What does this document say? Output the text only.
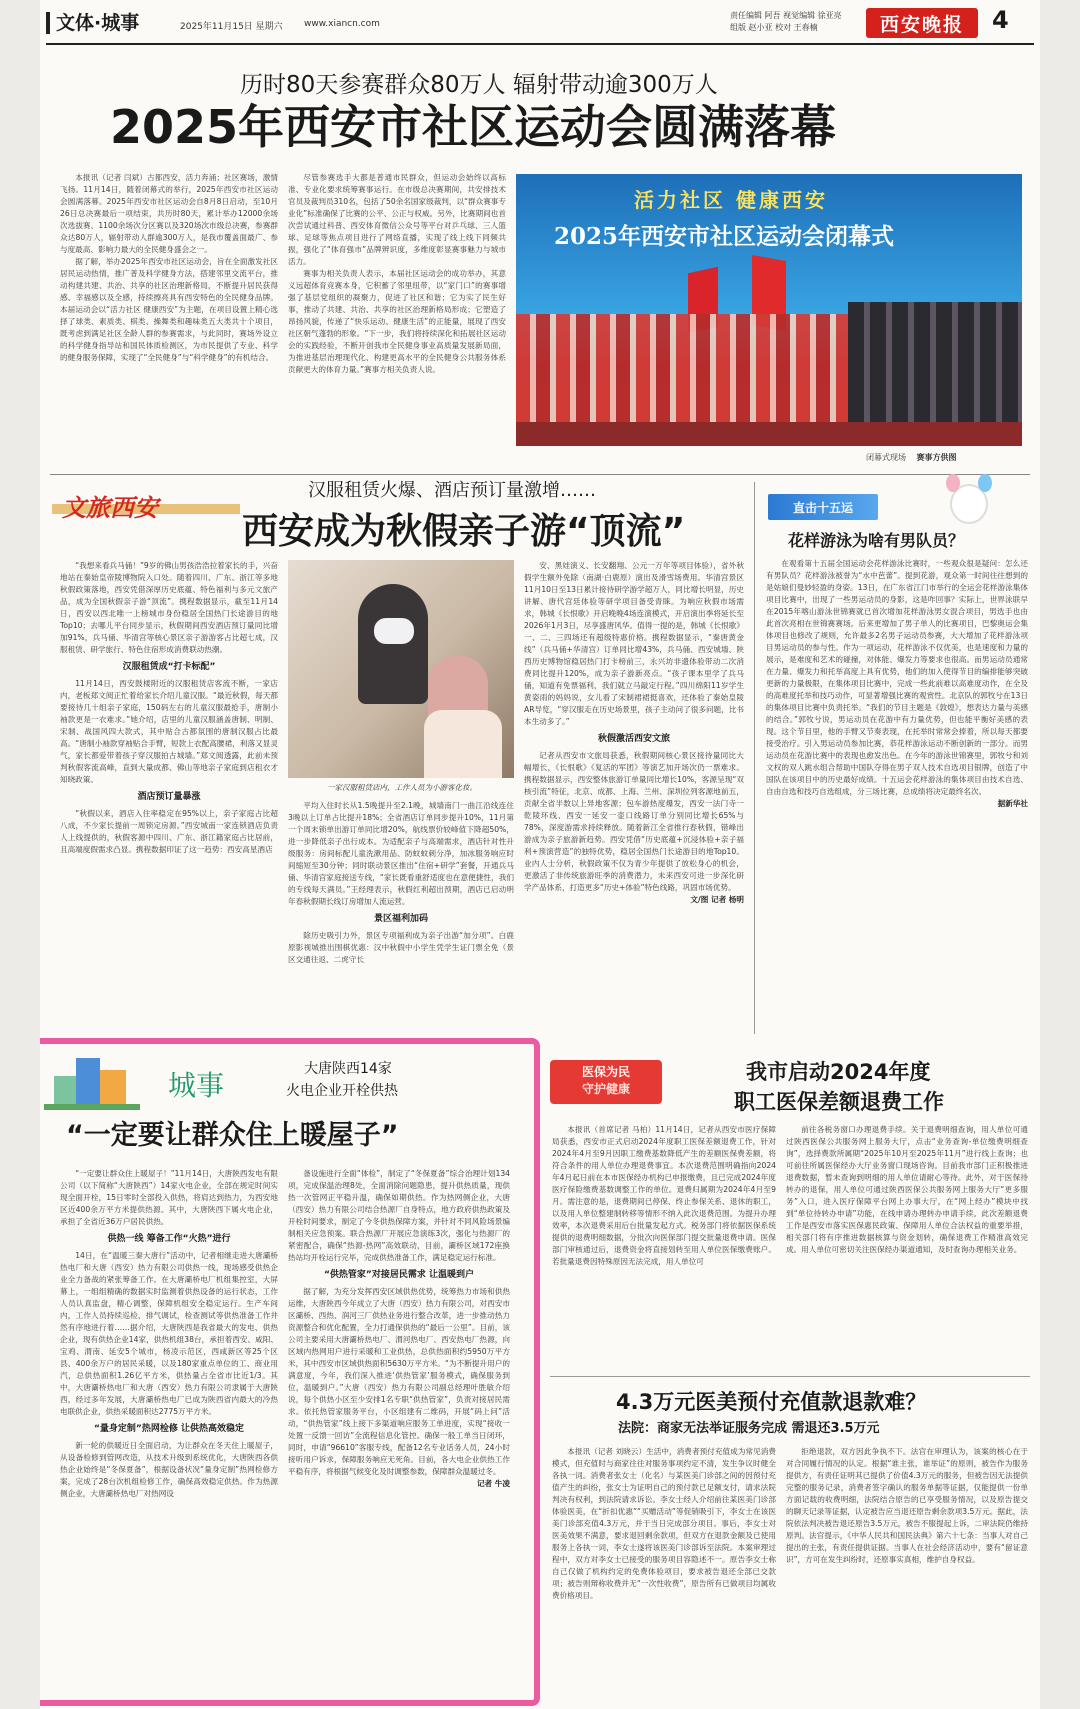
文体·城事	2025年11月15日 星期六 www.xiancn.com
责任编辑 阿吾 视觉编辑 徐亚亮
组版 赵小亚 校对 王春楠	西安晚报 4
历时80天参赛群众80万人 辐射带动逾300万人
2025年西安市社区运动会圆满落幕

本报讯（记者 闫斌）古都西安，活力奔涌；社区赛场，激情飞扬。11月14日，随着闭幕式的举行，2025年西安市社区运动会圆满落幕。2025年西安市社区运动会自8月8日启动，至10月26日总决赛最后一项结束，共历时80天，累计举办12000余场次选拔赛、1100余场次分区赛以及320场次市级总决赛，参赛群众达80万人，辐射带动人群逾300万人，是我市覆盖面最广、参与度最高、影响力最大的全民健身盛会之一。

据了解，举办2025年西安市社区运动会，旨在全面激发社区居民运动热情，推广普及科学健身方法，搭建邻里交流平台，推动构建共建、共治、共享的社区治理新格局，不断提升居民获得感、幸福感以及全感，持续擦亮具有西安特色的全民健身品牌。本届运动会以“活力社区 健康西安”为主题，在项目设置上精心选择了球类、素质类、棋类、操舞类和趣味类五大类共十个项目，既考虑到满足社区全龄人群的参赛需求，与此同时，赛场外设立的科学健身指导站和国民体质检测区，为市民提供了专业、科学的健身服务保障，实现了“全民健身”与“科学健身”的有机结合。

尽管参赛选手大都是普通市民群众，但运动会始终以高标准、专业化要求统筹赛事运行。在市级总决赛期间，共安排技术官员及裁判员310名，包括了50余名国家级裁判，以“群众赛事专业化”标准确保了比赛的公平、公正与权威。另外，比赛期间也首次尝试通过科普、西安体育微信公众号等平台对乒乓球、三人篮球、足球等焦点项目进行了网络直播，实现了线上线下同频共振，强化了“体育强市”品牌辨识度，多维度彰显赛事魅力与城市活力。

赛事为相关负责人表示，本届社区运动会的成功举办，其意义远超体育竞赛本身，它积蓄了邻里纽带，以“家门口”的赛事增强了基层党组织的凝聚力，促进了社区和谐；它为实了民生好事，推动了共建、共治、共享的社区治理新格局形成；它塑造了昂扬风貌，传递了“快乐运动、健康生活”的正能量，展现了西安社区朝气蓬勃的形象。“下一步，我们将持续深化和拓展社区运动会的实践经验，不断开创我市全民健身事业高质量发展新局面，为推进基层治理现代化、构建更高水平的全民健身公共服务体系贡献更大的体育力量。”赛事方相关负责人说。

活力社区 健康西安
2025年西安市社区运动会闭幕式
闭幕式现场 赛事方供图
文旅西安
汉服租赁火爆、酒店预订量激增……
西安成为秋假亲子游“顶流”

“我想来看兵马俑！”9岁的佛山男孩浩浩拉着家长的手，兴奋地站在秦始皇帝陵博物院入口处。随着四川、广东、浙江等多地秋假政策落地，西安凭借深厚历史底蕴、特色福利与多元文旅产品，成为全国秋假亲子游“顶流”。携程数据显示，截至11月14日，西安以西北唯一上榜城市身份稳居全国热门长途游目的地Top10；去哪儿平台同步显示，秋假期间西安酒店预订量同比增加91%，兵马俑、华清宫等核心景区亲子游游客占比超七成，汉服租赁、研学旅行、特色住宿形成消费联动热潮。

汉服租赁成“打卡标配”

11月14日，西安鼓楼附近的汉服租赁店客流不断，一家店内，老板郑文阅正忙着给家长介绍儿童汉服。“最近秋假，每天都要接待几十组亲子家庭，150码左右的儿童汉服最抢手，唐制小袖款更是一衣难求。”她介绍，店里的儿童汉服涵盖唐制、明制、宋制、战国风四大款式，其中贴合古都氛围的唐制汉服占比最高。“唐制小袖款穿袖贴合手臂，短款上衣配高腰裙，利落又显灵气，家长都爱带着孩子穿汉服拍古城墙。”郑文阅透露，此前未预判秋假客流高峰，直到大量成都、佛山等地亲子家庭到店租衣才知晓政策。

酒店预订量暴涨

“秋假以来，酒店入住率稳定在95%以上，亲子家庭占比超八成，不少家长提前一周锁定房源。”西安城南一家连锁酒店负责人上线提供的，秋假客源中四川、广东、浙江籍家庭占比居前，且高端度假需求凸显。携程数据印证了这一趋势：西安高星酒店

一家汉服租赁店内，工作人员为小游客化妆。

平均入住时长从1.5晚提升至2.1晚，城墙南门一曲江沿线连住3晚以上订单占比提升18%；全省酒店订单同步提升10%，11月第一个周末锁单出游订单同比增20%，航线票价较峰值下降超50%，进一步降低亲子出行成本。为适配亲子与高端需求，酒店针对性升级服务：房间标配儿童洗漱用品、防蚊蚊刺分净，加冰服务响应时间缩短至30分钟；同时联动景区推出“住宿+研学”套餐，开通兵马俑、华清宫家庭接送专线，“家长既看重舒适度也在意便捷性，我们的专线每天满员。”王经理表示，秋假红利超出预期，酒店已启动明年春秋假期长线订房增加人流运营。

景区福利加码

除历史吸引力外，景区专项福利成为亲子出游“加分项”。白鹿原影视城推出围棋优惠：汉中秋假中小学生凭学生证门票全免（景区交通往返、二虎守长

安、黑娃演义、长安翻翔、公元一万年等项目体验），省外秋假学生额外免除（南湖·白鹿原）演出及滑雪场费用。华清宫景区11月10日至13日累计接待研学游学超万人，同比增长明显，历史讲解、唐代宫廷体验等研学项目备受青睐。为响应秋假市场需求，韩城《长恨歌》开启晚晚4场连演模式，开启演出季将延长至2026年1月3日，尽享盛唐风华。值得一提的是，韩城《长恨歌》一、二、三四场还有超级特惠价格。携程数据显示，“秦唐黄金线”（兵马俑+华清宫）订单同比增43%，兵马俑、西安城墙、陕西历史博物馆稳居热门打卡榜前三，永兴坊非遗体验带动二次消费同比提升120%，成为亲子游新亮点。“孩子课本里学了兵马俑，知道有免票福利，我们就立马敲定行程。”四川绵阳11岁学生黄姿雨的妈妈说，女儿看了宋制裙裙挺喜欢，还体验了秦始皇陵AR导览，“穿汉服走在历史场景里，孩子主动问了很多问题，比书本生动多了。”

秋假激活西安文旅

记者从西安市文旅局获悉，秋假期间核心景区接待量同比大幅增长，《长恨歌》《复活的军团》等演艺加开场次仍一票难求。携程数据显示，西安整体旅游订单量同比增长10%，客源呈现“双核引流”特征，北京、成都、上海、兰州、深圳位列客源地前五，贡献全省半数以上异地客源；包车游热度爆发，西安一法门寺一乾陵环线、西安一延安一壶口线路订单分别同比增长65%与78%，深度游需求持续释放。随着新江全省推行春秋假，错峰出游成为亲子旅游新趋势。西安凭借“历史底蕴+沉浸体验+亲子福利+预演营造”的独特优势，稳居全国热门长途游目的地Top10。业内人士分析，秋假政策不仅为青少年提供了放松身心的机会，更激活了非传统旅游旺季的消费潜力，未来西安可进一步深化研学产品体系，打造更多“历史+体验”特色线路，巩固市场优势。

文/图 记者 杨明
直击十五运
花样游泳为啥有男队员？

在观看第十五届全国运动会花样游泳比赛时，一些观众很是疑问：怎么还有男队员？花样游泳被誉为“水中芭蕾”。提到花游，观众第一时间往往想到的是姑娘们曼妙轻盈的身姿。13日，在广东省江门市举行的全运会花样游泳集体项目比赛中，出现了一些男运动员的身影，这是咋回事？实际上，世界泳联早在2015年喀山游泳世锦赛就已首次增加花样游泳男女混合项目，男选手也由此首次亮相在世锦赛赛场。后来更增加了男子单人的比赛项目，巴黎奥运会集体项目也修改了规则，允许最多2名男子运动员参赛，大大增加了花样游泳项目男运动员的参与性。作为一项运动，花样游泳不仅优美，也是速度和力量的展示，是难度和艺术的碰撞，对体能、爆发力等要求也很高。而男运动员通常在力量、爆发力和托举高度上具有优势，他们的加入使得节目的编排能够突破更新的力量极限，在集体项目比赛中，完成一些此前难以高难度动作，在全及的高难度托举和技巧动作，可显著增强比赛的观赏性。北京队的郭牧兮在13日的集体项目比赛中负责托举。“我们的节目主题是《敦煌》，想表达力量与美感的结合。”郭牧兮说，男运动员在花游中有力量优势，但也能平衡好美感的表现。这个节目里，他的手臂又节奏表现，在托举时常常会捧着，所以每天都要接受治疗。引入男运动员参加比赛，恭花样游泳运动不断创新的一部分。而男运动员在花游比赛中的表现也愈发出色。在今年的游泳世锦赛里，郭牧兮和刘文权的双人跳水组合帮助中国队夺得在男子双人技术自选项目银牌，创造了中国队在该项目中的历史最好成绩。十五运会花样游泳的集体项目由技术自选、自由自选和技巧自选组成，分三场比赛，总成绩将决定最终名次。

据新华社
城事	大唐陕西14家
火电企业开栓供热
“一定要让群众住上暖屋子”

“一定要让群众住上暖屋子！”11月14日，大唐陕西发电有限公司（以下简称“大唐陕西”）14家火电企业，全部在规定时间实现全面开栓，15日零时全部投入供热，将肩达到热力，为西安地区近400余万平方米提供热源。其中，大唐陕西下属火电企业，承担了全省近36万户居民供热。

供热一线 筹备工作“火热”进行

14日，在“温暖三秦大唐行”活动中，记者相继走进大唐灞桥热电厂和大唐（西安）热力有限公司供热一线，现场感受供热企业全力备战的紧张筹备工作。在大唐灞桥电厂机组集控室，大屏幕上，一组组精确的数据实时监测着供热设备的运行状态，工作人员认真监盘，精心调整，保障机组安全稳定运行。生产车间内，工作人员持续巡检、排气调试，检查测试等供热准备工作井然有序地进行着……据介绍，大唐陕西是我省最大的发电、供热企业，现有供热企业14家，供热机组38台，承担着西安、咸阳、宝鸡、渭南、延安5个城市，杨凌示范区，西咸新区等25个区县、400余万户的居民采暖，以及180家重点单位的工、商业用汽，总供热面积1.26亿平方米，供热量占全省市比近1/3。其中，大唐灞桥热电厂和大唐（西安）热力有限公司隶属于大唐陕西，经过多年发展，大唐灞桥热电厂已成为陕西省内最大的冷热电联供企业，供热采暖面积达2775万平方米。

“量身定制”热网检修 让供热高效稳定

新一轮的供暖近日全面启动，为让群众在冬天住上暖屋子，从设备检修到管网改造，从技术升级到系统优化，大唐陕西各供热企业始终是“冬保夏备”，根据设备状况“量身定制”热网检修方案，完成了28台次机组检修工作，确保高效稳定供热。作为热源侧企业，大唐灞桥热电厂对热网设

备设施进行全面“体检”，制定了“冬保夏备”综合治理计划134项，完成保温治理8处，全面消除问题隐患，提升供热质量，现供热一次管网正平稳升温，确保如期供热。作为热网侧企业，大唐（西安）热力有限公司结合热源厂自身特点，地方政府供热政策及开栓时间要求，制定了今冬供热保障方案，并针对不同风险场景编制相关应急预案。联合热源厂开展应急演练3次，强化与热源厂的紧密配合，确保“热源-热网”高效联动，目前，灞桥区域172座换热站均开栓运行完毕，完成供热准备工作，满足稳定运行标准。

“供热管家”对接居民需求 让温暖到户

据了解，为充分发挥西安区域供热优势，统筹热力市场和供热运维，大唐陕西今年成立了大唐（西安）热力有限公司，对西安市区灞桥、西热、润河三厂供热业务进行整合改革，进一步推动热力资源整合和优化配置，全力打通保供热的“最后一公里”。目前，该公司主要采用大唐灞桥热电厂、渭河热电厂、西安热电厂热源，向区域内热网用户进行采暖和工业供热，总供热面积约5950万平方米，其中西安市区域供热面积5630万平方米。“为不断提升用户的满意度，今年，我们深入推进‘供热管家’服务模式，确保服务到位，温暖到户。”大唐（西安）热力有限公司副总经理叶胜敏介绍说，每个供热小区至少安排1名专职“供热管家”，负责对接居民需求。依托热管家服务平台，小区组建有二维码，开展“码上问”活动，“供热管家”线上接下多渠道响应服务工单进度，实现“接收一处置一反馈一回访”全流程信息化管控。确保一般工单当日闭环，同时，申请“96610”客服专线，配备12名专业话务人员，24小时接听用户诉求，保障服务响应无死角。目前，各大电企业供热工作平稳有序，将根据气候变化及时调整参数，保障群众温暖过冬。

记者 牛凌
医保为民
守护健康
我市启动2024年度
职工医保差额退费工作

本报讯（首席记者 马柏）11月14日，记者从西安市医疗保障局获悉，西安市正式启动2024年度职工医保差额退费工作，针对2024年4月至9月因职工缴费基数降低产生的差额医保费差额，将符合条件的用人单位办理退费事宜。本次退费范围明确指向2024年4月起日前在本市医保经办机构已申报缴费，且已完成2024年度医疗保险缴费基数调整工作的单位。退费归属期为2024年4月至9月。需注意的是，退费期间已停保、终止参保关系、退休的职工，以及用人单位整建制转移等情形不纳入此次退费范围。为提升办理效率，本次退费采用后台批量发起方式。税务部门将依据医保系统提供的退费明细数据，分批次向医保部门提交批量退费申请。医保部门审核通过后，退费资金将直接划转至用人单位医保缴费账户。若批量退费因特殊原因无法完成，用人单位可

前往各税务窗口办理退费手续。关于退费明细查询，用人单位可通过陕西医保公共服务网上服务大厅，点击“业务查询-单位缴费明细查询”，选择费款所属期“2025年10月至2025年11月”进行线上查询；也可前往所属医保经办大厅业务窗口现场咨询。目前我市部门正积极推进退费数据，暂未查询到明细的用人单位请耐心等待。此外，对于医保待转办的退保，用人单位可通过陕西医保公共服务网上服务大厅“更多服务”入口，进入医疗保障平台网上办事大厅，在“网上经办”模块中找到“单位待转办申请”功能，在线申请办理转办申请手续。此次差额退费工作是西安市落实医保惠民政策、保障用人单位合法权益的重要举措，相关部门将有序推进数据核算与资金划转，确保退费工作精准高效完成。用人单位可密切关注医保经办渠道通知，及时查询办理相关业务。

4.3万元医美预付充值款退款难？
法院：商家无法举证服务完成 需退还3.5万元

本报讯（记者 刘晓云）生活中，消费者预付充值成为常见消费模式，但充值时与商家往往对服务事项约定不清，发生争议时健全各执一词。消费者张女士（化名）与某医美门诊部之间的因预付充值产生的纠纷，张女士为证明自己的预付款已足额支付，请求法院判决有权利，到法院请求诉讼。李女士经人介绍前往某医美门诊部体验医美，在“折扣优惠”“买赠活动”等促销吸引下，李女士在该医美门诊部充值4.3万元，并于当日完成部分项目。事后，李女士对医美效果不满意，要求退回剩余款项，但双方在退款金额及已使用服务上各执一词，李女士遂将该医美门诊部诉至法院。本案审理过程中，双方对李女士已接受的服务项目容隐述不一。原告李女士称自己仅做了机构约定的免费体验项目，要求被告退还全部已交款项；被告则辩称收费并无“一次性收费”，原告所有已做项目均属收费价格项目。

拒绝退款，双方因此争执不下。法官在审理认为，该案的核心在于对合同履行情况的认定。根据“谁主张，谁举证”的原则，被告作为服务提供方，有责任证明其已提供了价值4.3万元的服务，但被告因无法提供完整的服务记录，消费者签字确认的服务单据等证据，仅能提供一份单方面记载的收费明细，法院结合原告的已享受服务情况，以及原告提交的聊天记录等证据，认定被告应当退还原告剩余款项3.5万元。据此，法院依法判决被告退还原告3.5万元，被告不服提起上诉，二审法院仍维持原判。法官提示，《中华人民共和国民法典》第六十七条：当事人对自己提出的主张，有责任提供证据。当事人在社会经济活动中，要有“留证意识”，方可在发生纠纷时，还原事实真相，维护自身权益。
